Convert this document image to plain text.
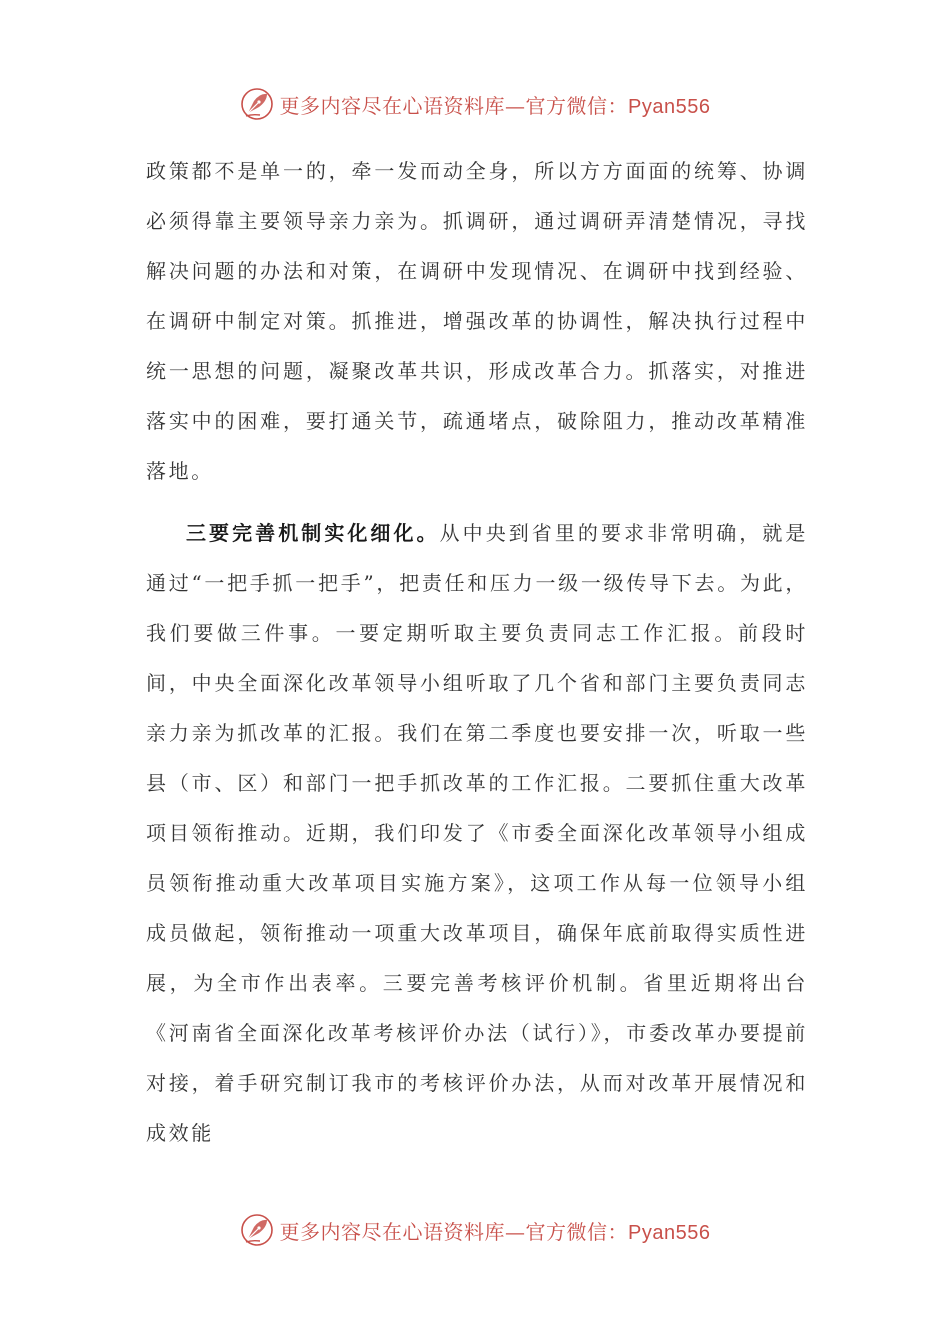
更多内容尽在心语资料库—官方微信：Pyan556

政策都不是单一的，牵一发而动全身，所以方方面面的统筹、协调必须得靠主要领导亲力亲为。抓调研，通过调研弄清楚情况，寻找解决问题的办法和对策，在调研中发现情况、在调研中找到经验、在调研中制定对策。抓推进，增强改革的协调性，解决执行过程中统一思想的问题，凝聚改革共识，形成改革合力。抓落实，对推进落实中的困难，要打通关节，疏通堵点，破除阻力，推动改革精准落地。

三要完善机制实化细化。从中央到省里的要求非常明确，就是通过“一把手抓一把手”，把责任和压力一级一级传导下去。为此，我们要做三件事。一要定期听取主要负责同志工作汇报。前段时间，中央全面深化改革领导小组听取了几个省和部门主要负责同志亲力亲为抓改革的汇报。我们在第二季度也要安排一次，听取一些县（市、区）和部门一把手抓改革的工作汇报。二要抓住重大改革项目领衔推动。近期，我们印发了《市委全面深化改革领导小组成员领衔推动重大改革项目实施方案》，这项工作从每一位领导小组成员做起，领衔推动一项重大改革项目，确保年底前取得实质性进展，为全市作出表率。三要完善考核评价机制。省里近期将出台《河南省全面深化改革考核评价办法（试行）》，市委改革办要提前对接，着手研究制订我市的考核评价办法，从而对改革开展情况和成效能

更多内容尽在心语资料库—官方微信：Pyan556
